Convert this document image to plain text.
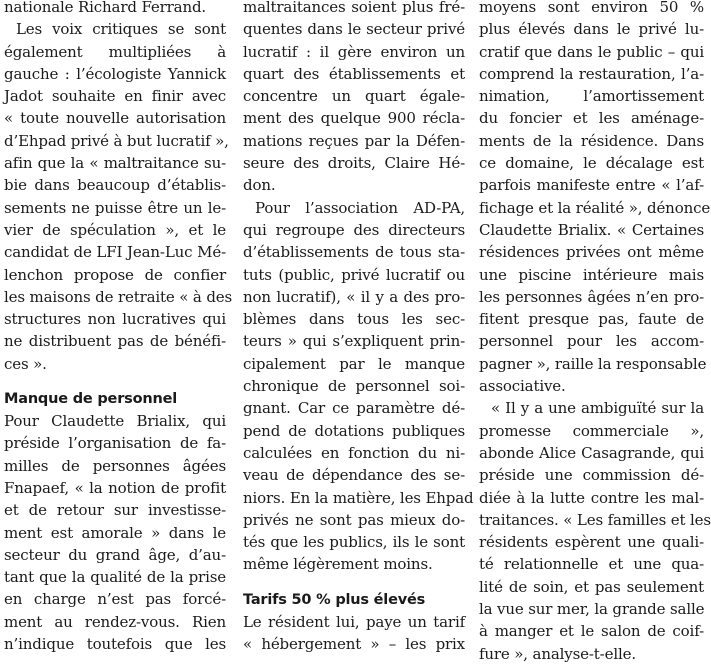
nationale Richard Ferrand.
Les voix critiques se sont
également multipliées à
gauche : l’écologiste Yannick
Jadot souhaite en finir avec
« toute nouvelle autorisation
d’Ehpad privé à but lucratif »,
afin que la « maltraitance su-
bie dans beaucoup d’établis-
sements ne puisse être un le-
vier de spéculation », et le
candidat de LFI Jean-Luc Mé-
lenchon propose de confier
les maisons de retraite « à des
structures non lucratives qui
ne distribuent pas de bénéfi-
ces ».
Manque de personnel
Pour Claudette Brialix, qui
préside l’organisation de fa-
milles de personnes âgées
Fnapaef, « la notion de profit
et de retour sur investisse-
ment est amorale » dans le
secteur du grand âge, d’au-
tant que la qualité de la prise
en charge n’est pas forcé-
ment au rendez-vous. Rien
n’indique toutefois que les
maltraitances soient plus fré-
quentes dans le secteur privé
lucratif : il gère environ un
quart des établissements et
concentre un quart égale-
ment des quelque 900 récla-
mations reçues par la Défen-
seure des droits, Claire Hé-
don.
Pour l’association AD-PA,
qui regroupe des directeurs
d’établissements de tous sta-
tuts (public, privé lucratif ou
non lucratif), « il y a des pro-
blèmes dans tous les sec-
teurs » qui s’expliquent prin-
cipalement par le manque
chronique de personnel soi-
gnant. Car ce paramètre dé-
pend de dotations publiques
calculées en fonction du ni-
veau de dépendance des se-
niors. En la matière, les Ehpad
privés ne sont pas mieux do-
tés que les publics, ils le sont
même légèrement moins.
Tarifs 50 % plus élevés
Le résident lui, paye un tarif
« hébergement » – les prix
moyens sont environ 50 %
plus élevés dans le privé lu-
cratif que dans le public – qui
comprend la restauration, l’a-
nimation, l’amortissement
du foncier et les aménage-
ments de la résidence. Dans
ce domaine, le décalage est
parfois manifeste entre « l’af-
fichage et la réalité », dénonce
Claudette Brialix. « Certaines
résidences privées ont même
une piscine intérieure mais
les personnes âgées n’en pro-
fitent presque pas, faute de
personnel pour les accom-
pagner », raille la responsable
associative.
« Il y a une ambiguïté sur la
promesse commerciale »,
abonde Alice Casagrande, qui
préside une commission dé-
diée à la lutte contre les mal-
traitances. « Les familles et les
résidents espèrent une quali-
té relationnelle et une qua-
lité de soin, et pas seulement
la vue sur mer, la grande salle
à manger et le salon de coif-
fure », analyse-t-elle.
